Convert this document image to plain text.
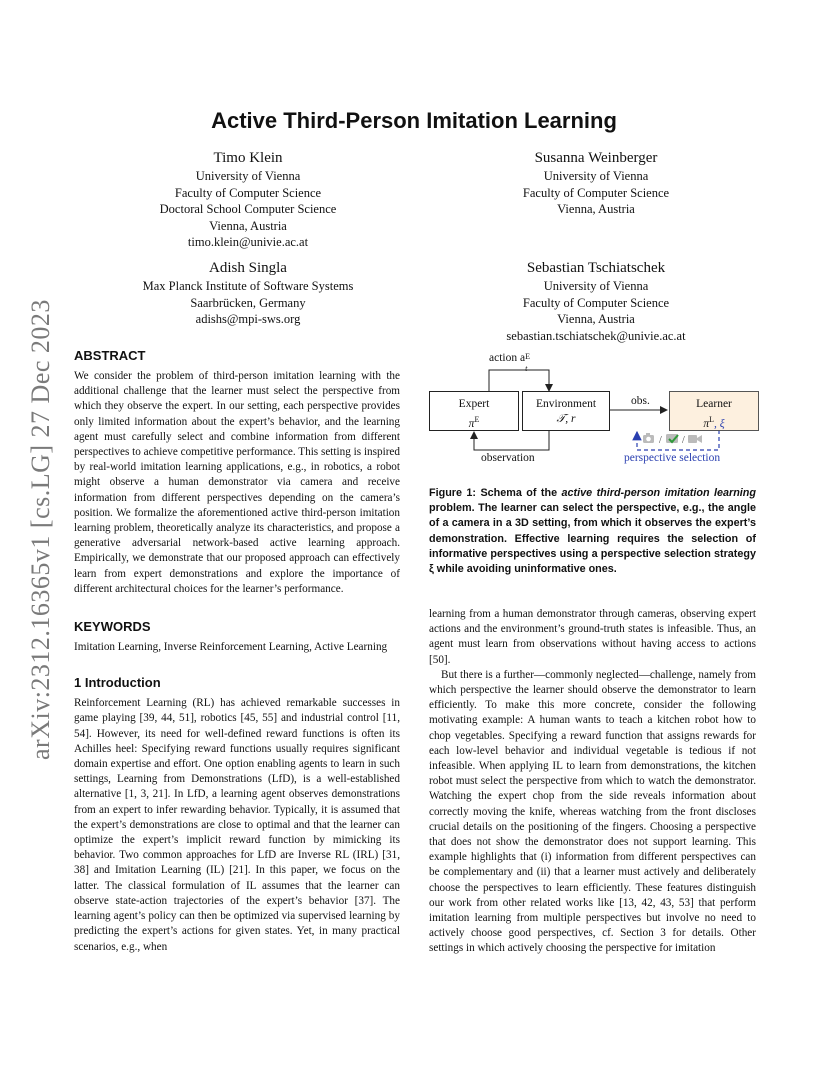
arXiv:2312.16365v1 [cs.LG] 27 Dec 2023
Active Third-Person Imitation Learning
Timo Klein
University of Vienna
Faculty of Computer Science
Doctoral School Computer Science
Vienna, Austria
timo.klein@univie.ac.at
Susanna Weinberger
University of Vienna
Faculty of Computer Science
Vienna, Austria
Adish Singla
Max Planck Institute of Software Systems
Saarbrücken, Germany
adishs@mpi-sws.org
Sebastian Tschiatschek
University of Vienna
Faculty of Computer Science
Vienna, Austria
sebastian.tschiatschek@univie.ac.at
ABSTRACT

We consider the problem of third-person imitation learning with the additional challenge that the learner must select the perspective from which they observe the expert. In our setting, each perspective provides only limited information about the expert’s behavior, and the learning agent must carefully select and combine information from different perspectives to achieve competitive performance. This setting is inspired by real-world imitation learning applications, e.g., in robotics, a robot might observe a human demonstrator via camera and receive information from different perspectives depending on the camera’s position. We formalize the aforementioned active third-person imitation learning problem, theoretically analyze its characteristics, and propose a generative adversarial network-based active learning approach. Empirically, we demonstrate that our proposed approach can effectively learn from expert demonstrations and explore the importance of different architectural choices for the learner’s performance.

KEYWORDS

Imitation Learning, Inverse Reinforcement Learning, Active Learning

1 Introduction

Reinforcement Learning (RL) has achieved remarkable successes in game playing [39, 44, 51], robotics [45, 55] and industrial control [11, 54]. However, its need for well-defined reward functions is often its Achilles heel: Specifying reward functions usually requires significant domain expertise and effort. One option enabling agents to learn in such settings, Learning from Demonstrations (LfD), is a well-established alternative [1, 3, 21]. In LfD, a learning agent observes demonstrations from an expert to infer rewarding behavior. Typically, it is assumed that the expert’s demonstrations are close to optimal and that the learner can optimize the expert’s implicit reward function by mimicking its behavior. Two common approaches for LfD are Inverse RL (IRL) [31, 38] and Imitation Learning (IL) [21]. In this paper, we focus on the latter. The classical formulation of IL assumes that the learner can observe state-action trajectories of the expert’s behavior [37]. The learning agent’s policy can then be optimized via supervised learning by predicting the expert’s actions for given states. Yet, in many practical scenarios, e.g., when

/ /
action a E
t
Expert
$\pi^E$
Environment
𝒯, r
obs.	Learner
$\pi^L$, ξ
observation	perspective selection
Figure 1: Schema of the active third-person imitation learning problem. The learner can select the perspective, e.g., the angle of a camera in a 3D setting, from which it observes the expert’s demonstration. Effective learning requires the selection of informative perspectives using a perspective selection strategy ξ while avoiding uninformative ones.

learning from a human demonstrator through cameras, observing expert actions and the environment’s ground-truth states is infeasible. Thus, an agent must learn from observations without having access to actions [50].

But there is a further—commonly neglected—challenge, namely from which perspective the learner should observe the demonstrator to learn efficiently. To make this more concrete, consider the following motivating example: A human wants to teach a kitchen robot how to chop vegetables. Specifying a reward function that assigns rewards for each low-level behavior and individual vegetable is tedious if not infeasible. When applying IL to learn from demonstrations, the kitchen robot must select the perspective from which to watch the demonstrator. Watching the expert chop from the side reveals information about correctly moving the knife, whereas watching from the front discloses crucial details on the positioning of the fingers. Choosing a perspective that does not show the demonstrator does not support learning. This example highlights that (i) information from different perspectives can be complementary and (ii) that a learner must actively and deliberately choose the perspectives to learn efficiently. These features distinguish our work from other related works like [13, 42, 43, 53] that perform imitation learning from multiple perspectives but involve no need to actively choose good perspectives, cf. Section 3 for details. Other settings in which actively choosing the perspective for imitation
